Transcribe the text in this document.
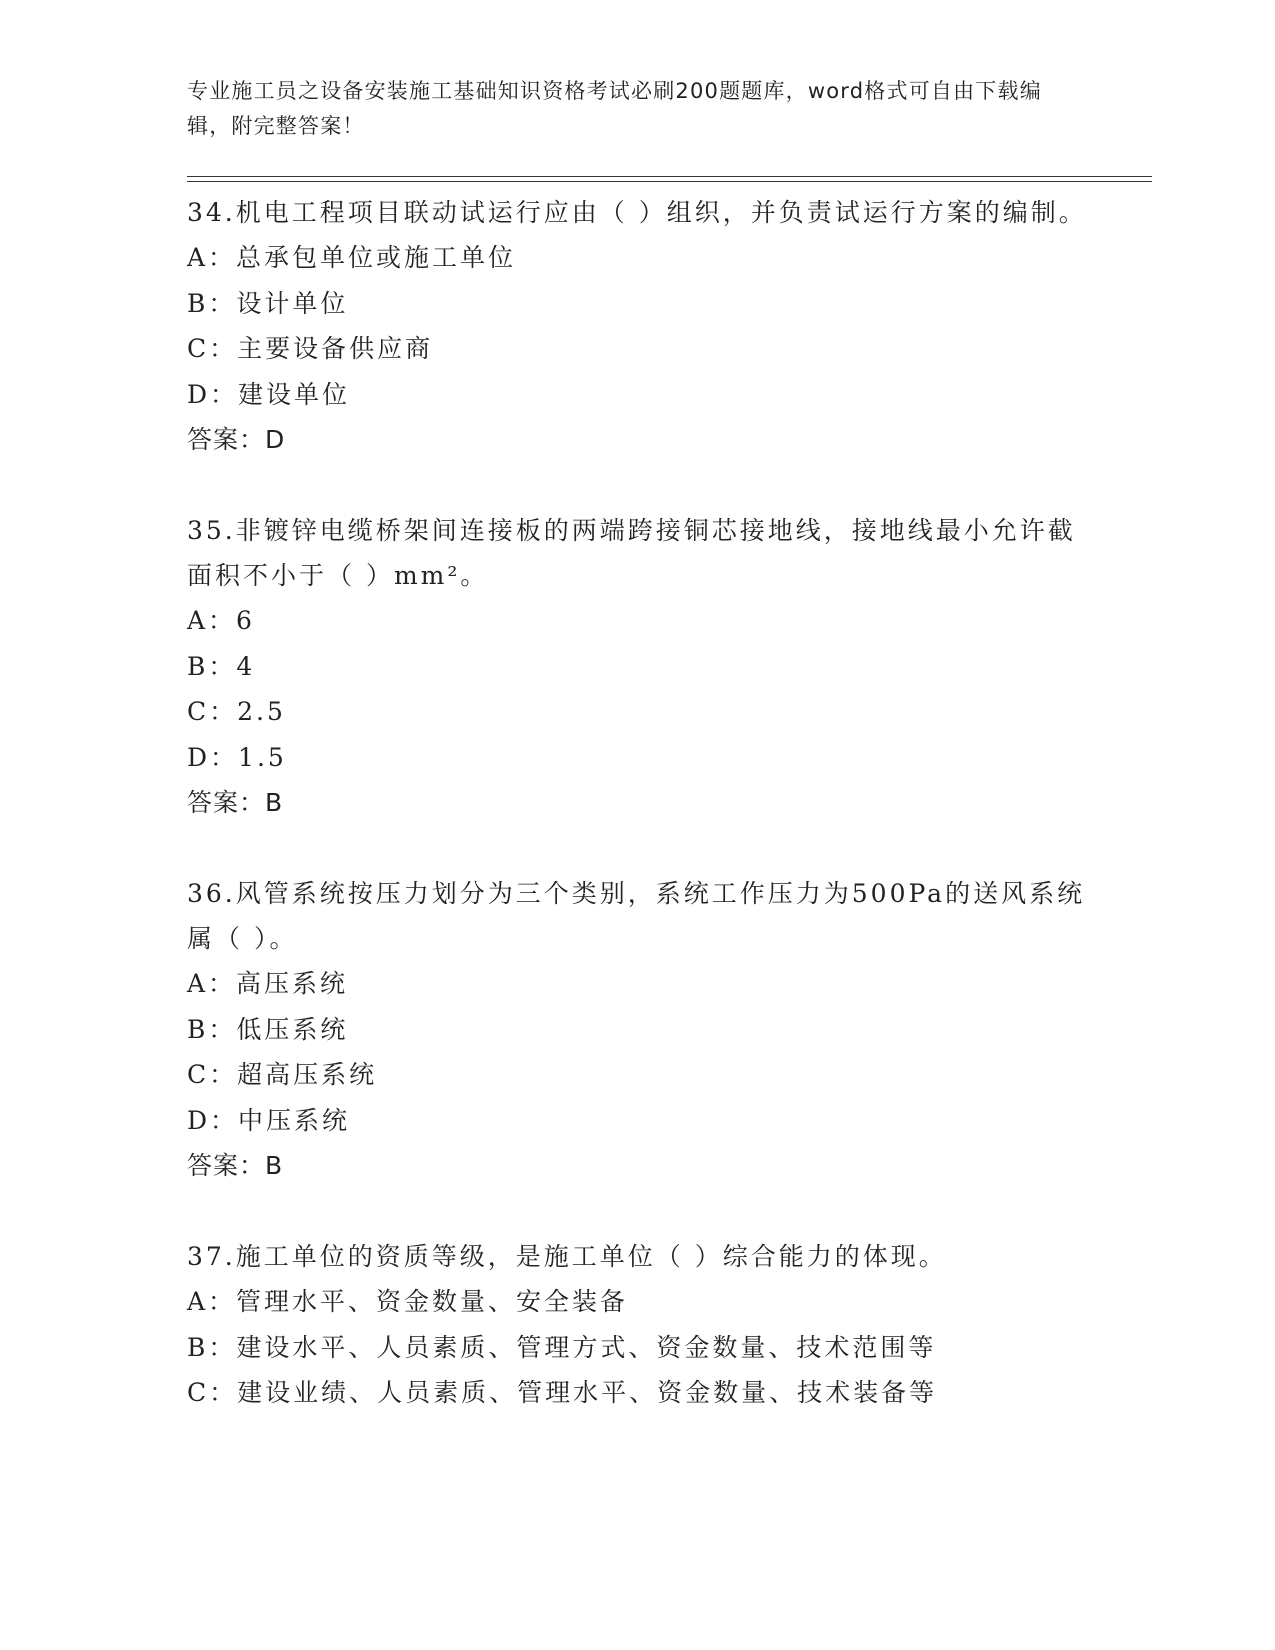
专业施工员之设备安装施工基础知识资格考试必刷200题题库，word格式可自由下载编辑，附完整答案！
34.机电工程项目联动试运行应由（ ）组织，并负责试运行方案的编制。
A：总承包单位或施工单位
B：设计单位
C：主要设备供应商
D：建设单位
答案：D
35.非镀锌电缆桥架间连接板的两端跨接铜芯接地线，接地线最小允许截面积不小于（ ）mm²。
A：6
B：4
C：2.5
D：1.5
答案：B
36.风管系统按压力划分为三个类别，系统工作压力为500Pa的送风系统属（ ）。
A：高压系统
B：低压系统
C：超高压系统
D：中压系统
答案：B
37.施工单位的资质等级，是施工单位（ ）综合能力的体现。
A：管理水平、资金数量、安全装备
B：建设水平、人员素质、管理方式、资金数量、技术范围等
C：建设业绩、人员素质、管理水平、资金数量、技术装备等
